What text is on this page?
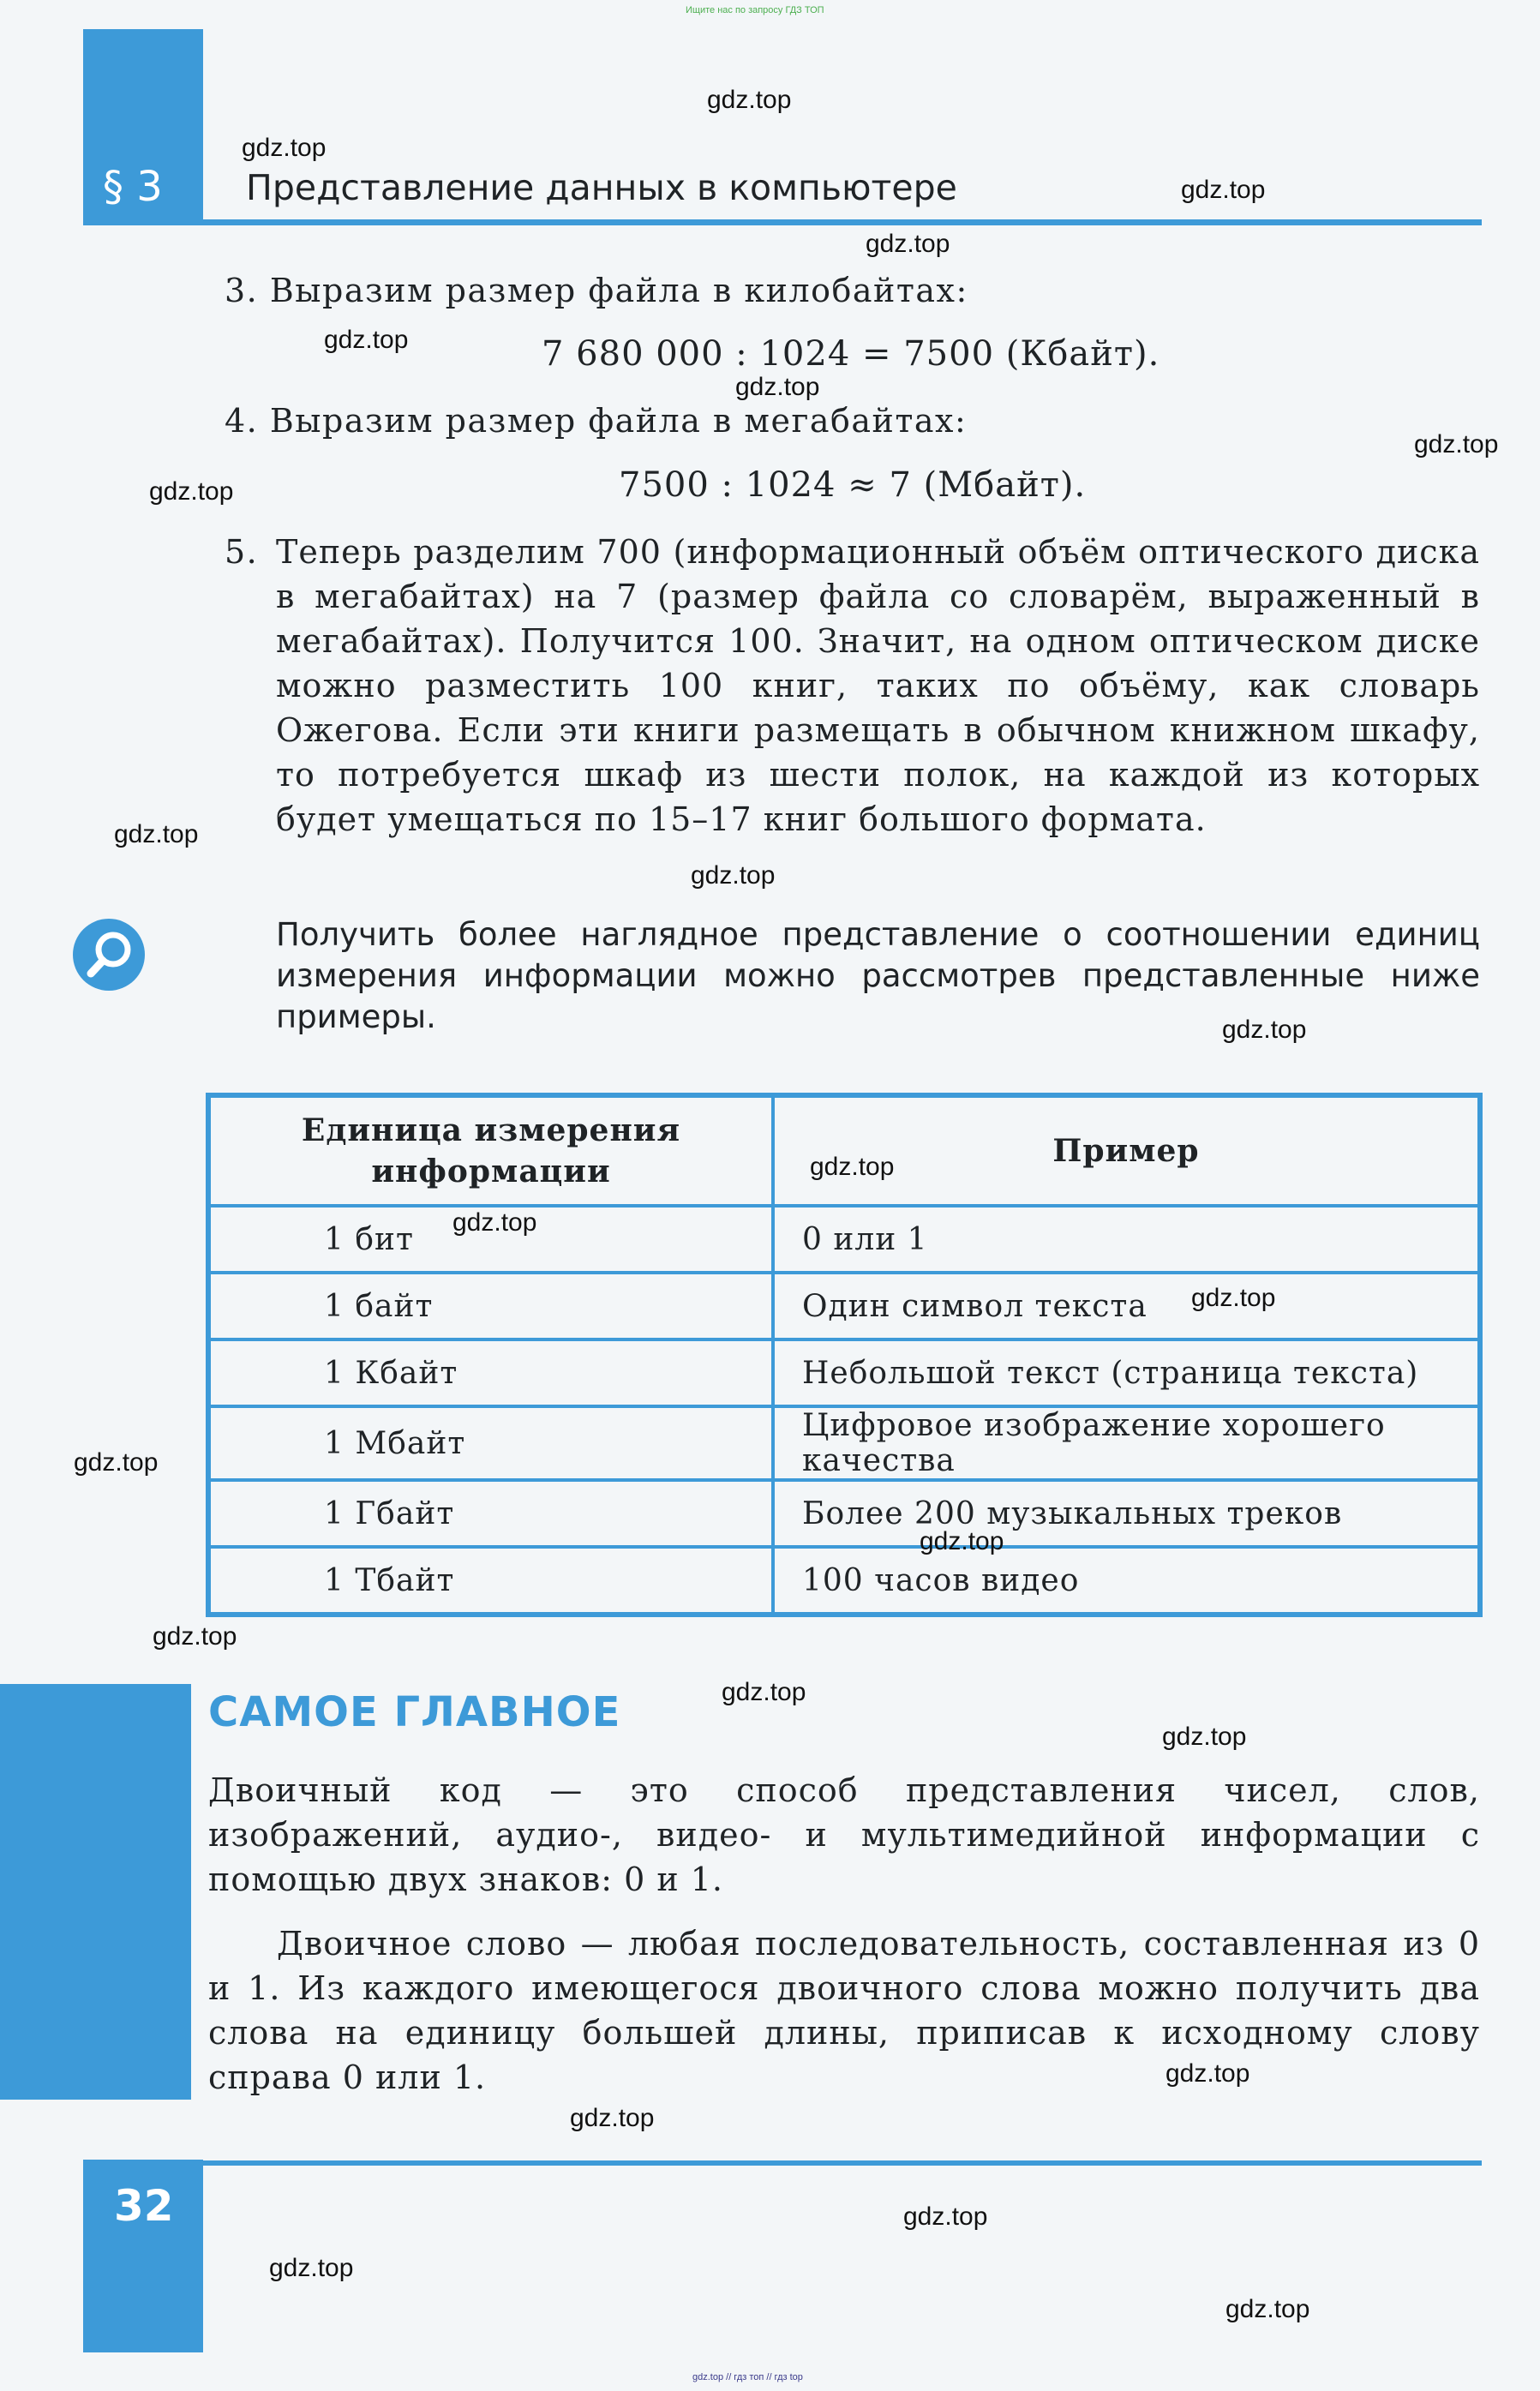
Ищите нас по запросу ГДЗ ТОП
§ 3 Представление данных в компьютере
3. Выразим размер файла в килобайтах:
7 680 000 : 1024 = 7500 (Кбайт).
4. Выразим размер файла в мегабайтах:
7500 : 1024 ≈ 7 (Мбайт).
5. Теперь разделим 700 (информационный объём оптического диска в мегабайтах) на 7 (размер файла со словарём, выраженный в мегабайтах). Получится 100. Значит, на одном оптическом диске можно разместить 100 книг, таких по объёму, как словарь Ожегова. Если эти книги размещать в обычном книжном шкафу, то потребуется шкаф из шести полок, на каждой из которых будет умещаться по 15–17 книг большого формата.
Получить более наглядное представление о соотношении единиц измерения информации можно рассмотрев представленные ниже примеры.
Единица измерения информации	Пример
1 бит	0 или 1
1 байт	Один символ текста
1 Кбайт	Небольшой текст (страница текста)
1 Мбайт	Цифровое изображение хорошего качества
1 Гбайт	Более 200 музыкальных треков
1 Тбайт	100 часов видео
САМОЕ ГЛАВНОЕ
Двоичный код — это способ представления чисел, слов, изображений, аудио-, видео- и мультимедийной информации с помощью двух знаков: 0 и 1.
Двоичное слово — любая последовательность, составленная из 0 и 1. Из каждого имеющегося двоичного слова можно получить два слова на единицу большей длины, приписав к исходному слову справа 0 или 1.
32
gdz.top
gdz.top
gdz.top
gdz.top
gdz.top
gdz.top
gdz.top
gdz.top
gdz.top
gdz.top
gdz.top
gdz.top
gdz.top
gdz.top
gdz.top
gdz.top
gdz.top
gdz.top
gdz.top
gdz.top
gdz.top
gdz.top
gdz.top
gdz.top
gdz.top // гдз топ // гдз top
